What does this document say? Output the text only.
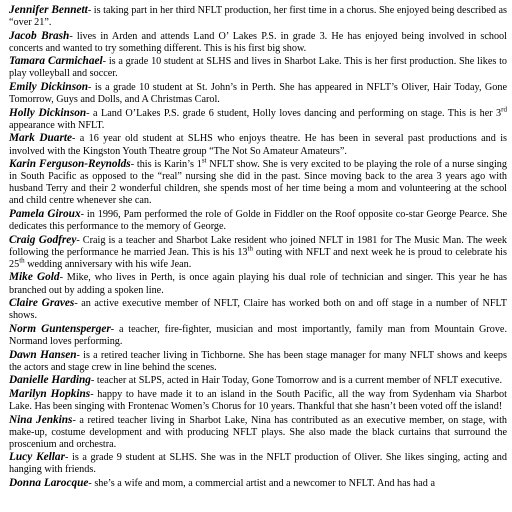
Jennifer Bennett- is taking part in her third NFLT production, her first time in a chorus. She enjoyed being described as “over 21”.

Jacob Brash- lives in Arden and attends Land O’ Lakes P.S. in grade 3. He has enjoyed being involved in school concerts and wanted to try something different. This is his first big show.

Tamara Carmichael- is a grade 10 student at SLHS and lives in Sharbot Lake. This is her first production. She likes to play volleyball and soccer.

Emily Dickinson- is a grade 10 student at St. John’s in Perth. She has appeared in NFLT’s Oliver, Hair Today, Gone Tomorrow, Guys and Dolls, and A Christmas Carol.

Holly Dickinson- a Land O’Lakes P.S. grade 6 student, Holly loves dancing and performing on stage. This is her 3rd appearance with NFLT.

Mark Duarte- a 16 year old student at SLHS who enjoys theatre. He has been in several past productions and is involved with the Kingston Youth Theatre group “The Not So Amateur Amateurs”.

Karin Ferguson-Reynolds- this is Karin’s 1st NFLT show. She is very excited to be playing the role of a nurse singing in South Pacific as opposed to the “real” nursing she did in the past. Since moving back to the area 3 years ago with husband Terry and their 2 wonderful children, she spends most of her time being a mom and volunteering at the school and child centre whenever she can.

Pamela Giroux- in 1996, Pam performed the role of Golde in Fiddler on the Roof opposite co-star George Pearce. She dedicates this performance to the memory of George.

Craig Godfrey- Craig is a teacher and Sharbot Lake resident who joined NFLT in 1981 for The Music Man. The week following the performance he married Jean. This is his 13th outing with NFLT and next week he is proud to celebrate his 25th wedding anniversary with his wife Jean.

Mike Gold- Mike, who lives in Perth, is once again playing his dual role of technician and singer. This year he has branched out by adding a spoken line.

Claire Graves- an active executive member of NFLT, Claire has worked both on and off stage in a number of NFLT shows.

Norm Guntensperger- a teacher, fire-fighter, musician and most importantly, family man from Mountain Grove. Normand loves performing.

Dawn Hansen- is a retired teacher living in Tichborne. She has been stage manager for many NFLT shows and keeps the actors and stage crew in line behind the scenes.

Danielle Harding- teacher at SLPS, acted in Hair Today, Gone Tomorrow and is a current member of NFLT executive.

Marilyn Hopkins- happy to have made it to an island in the South Pacific, all the way from Sydenham via Sharbot Lake. Has been singing with Frontenac Women’s Chorus for 10 years. Thankful that she hasn’t been voted off the island!

Nina Jenkins- a retired teacher living in Sharbot Lake, Nina has contributed as an executive member, on stage, with make-up, costume development and with producing NFLT plays. She also made the black curtains that surround the proscenium and orchestra.

Lucy Kellar- is a grade 9 student at SLHS. She was in the NFLT production of Oliver. She likes singing, acting and hanging with friends.

Donna Larocque- she’s a wife and mom, a commercial artist and a newcomer to NFLT. And has had a
